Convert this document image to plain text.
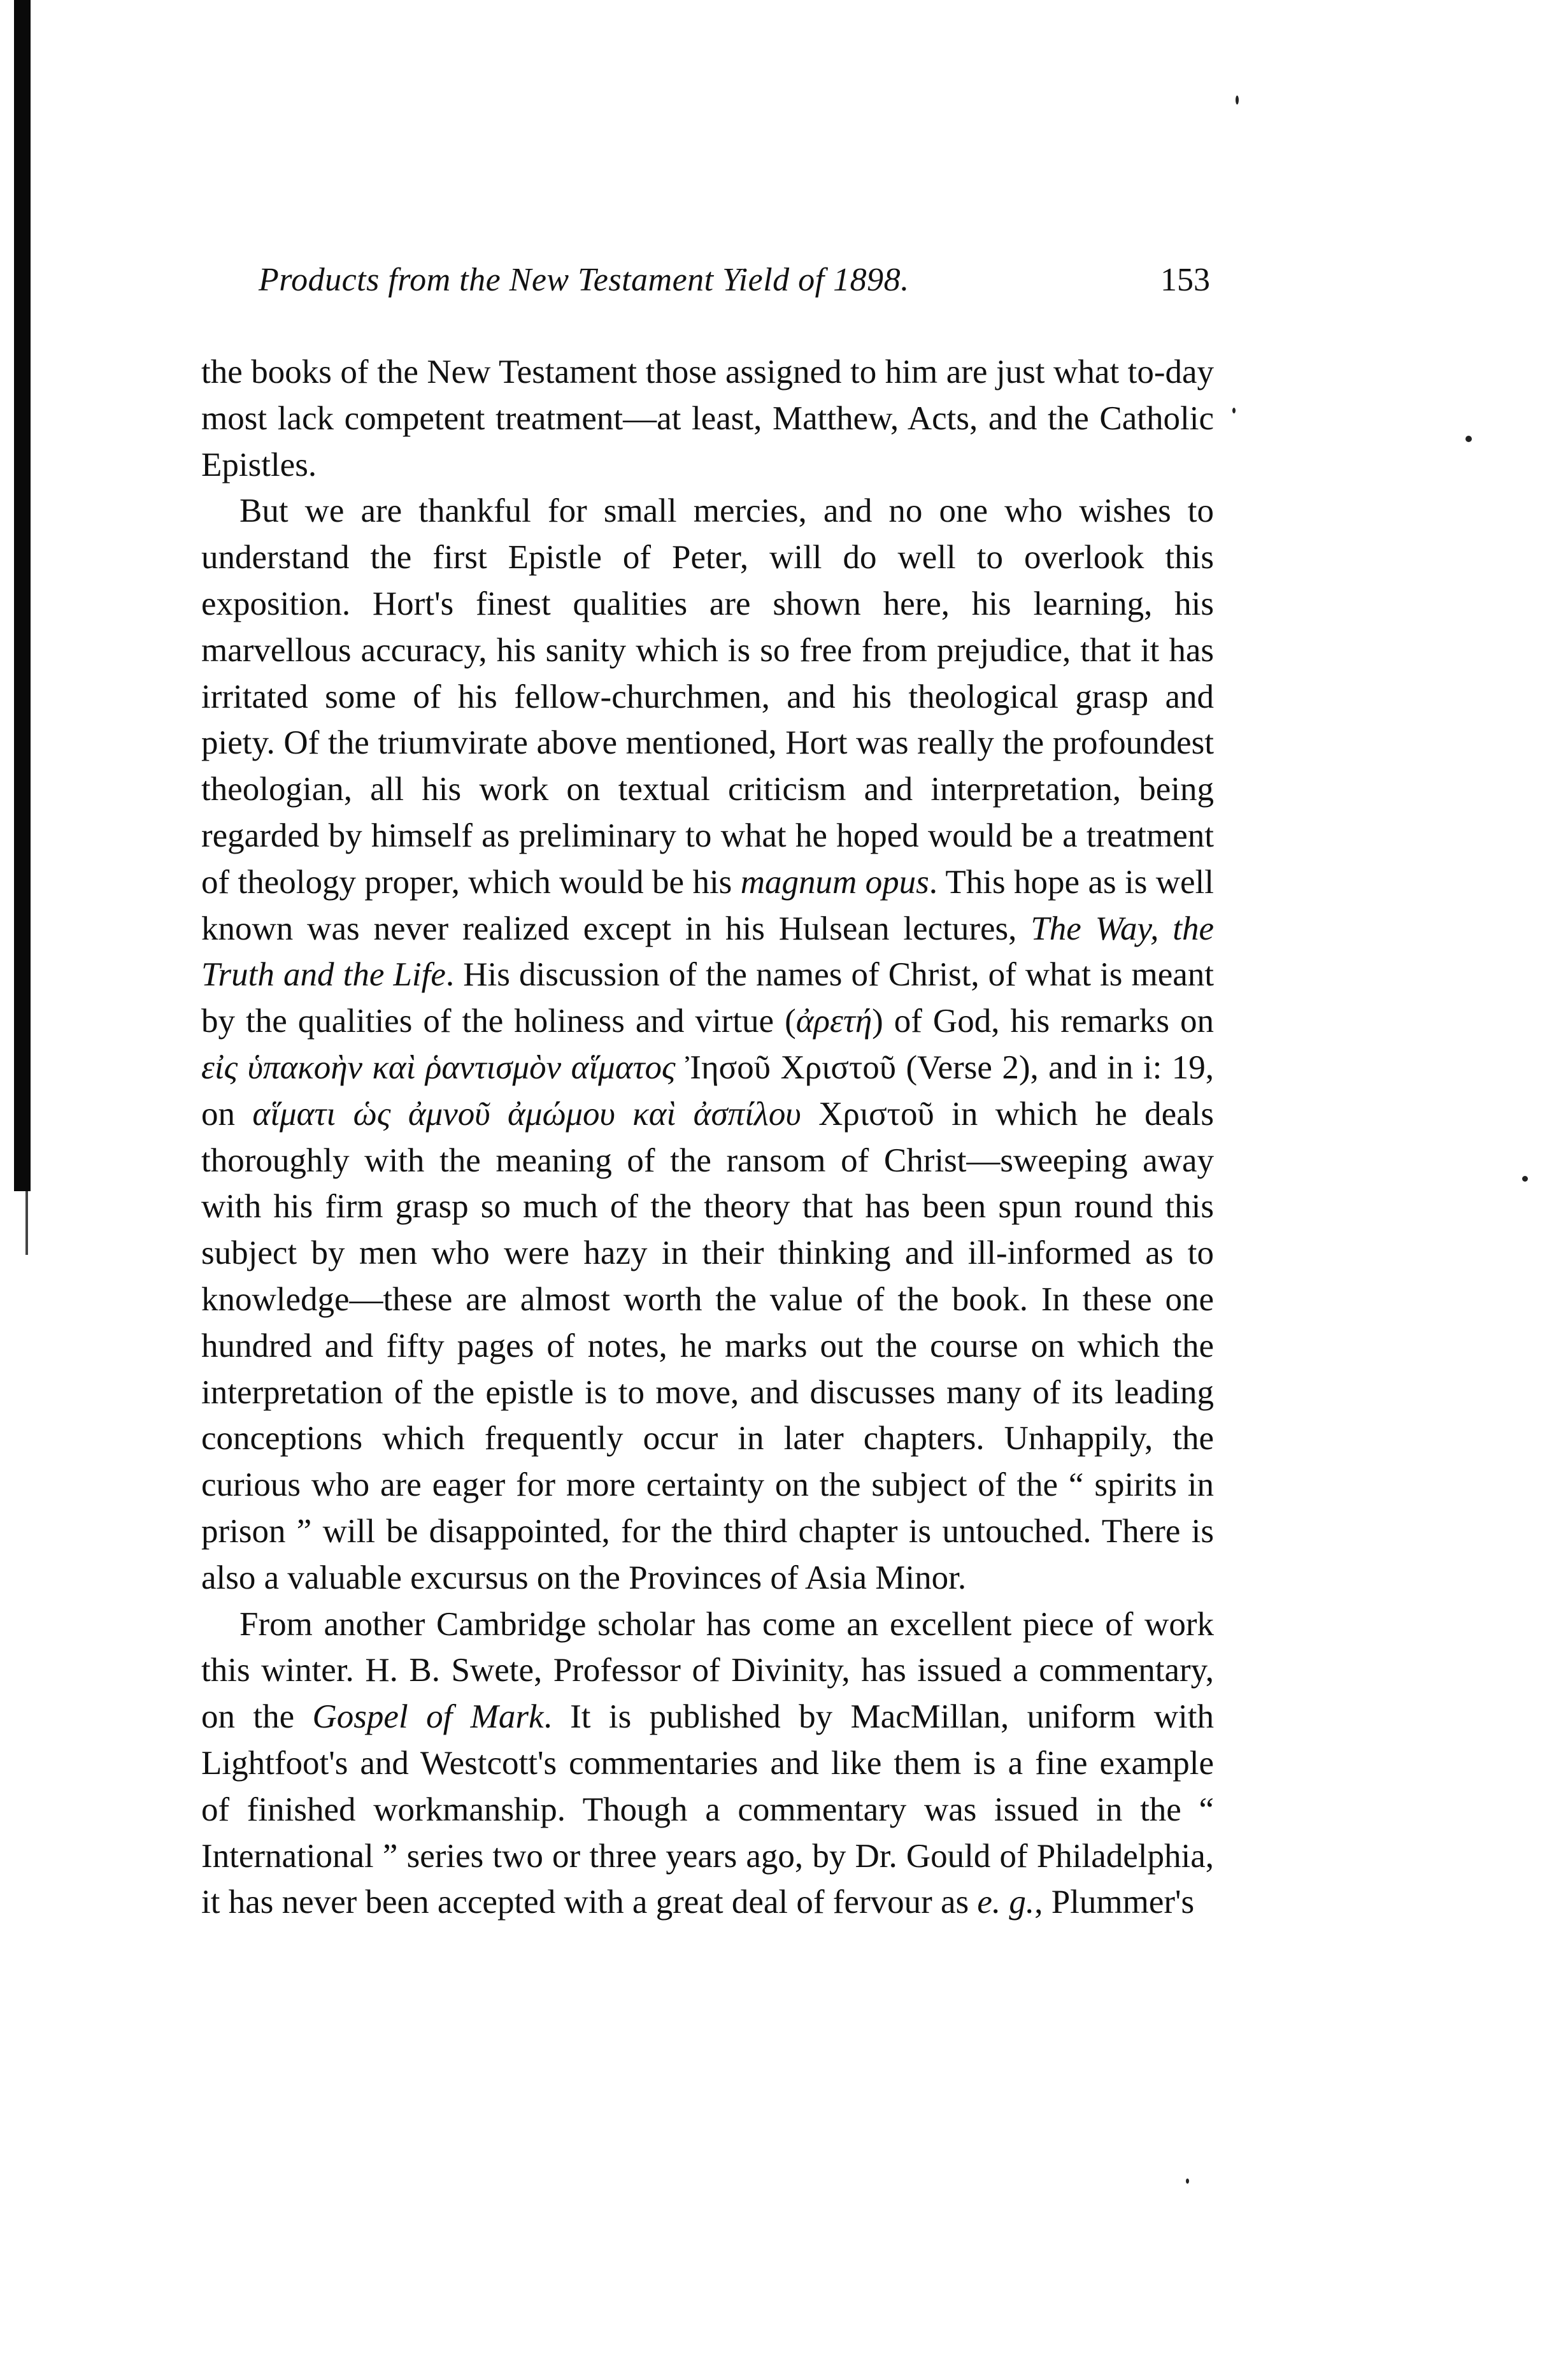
Products from the New Testament Yield of 1898.	153

the books of the New Testament those assigned to him are just what to-day most lack competent treatment—at least, Matthew, Acts, and the Catholic Epistles.

But we are thankful for small mercies, and no one who wishes to understand the first Epistle of Peter, will do well to overlook this exposition. Hort's finest qualities are shown here, his learning, his marvellous accuracy, his sanity which is so free from prejudice, that it has irritated some of his fellow-churchmen, and his theological grasp and piety. Of the triumvirate above mentioned, Hort was really the profoundest theologian, all his work on textual criticism and interpretation, being regarded by himself as preliminary to what he hoped would be a treatment of theology proper, which would be his magnum opus. This hope as is well known was never realized except in his Hulsean lectures, The Way, the Truth and the Life. His discussion of the names of Christ, of what is meant by the qualities of the holiness and virtue (ἀρετή) of God, his remarks on εἰς ὑπακοὴν καὶ ῥαντισμὸν αἵματος Ἰησοῦ Χριστοῦ (Verse 2), and in i: 19, on αἵματι ὡς ἀμνοῦ ἀμώμου καὶ ἀσπίλου Χριστοῦ in which he deals thoroughly with the meaning of the ransom of Christ—sweeping away with his firm grasp so much of the theory that has been spun round this subject by men who were hazy in their thinking and ill-informed as to knowledge—these are almost worth the value of the book. In these one hundred and fifty pages of notes, he marks out the course on which the interpretation of the epistle is to move, and discusses many of its leading conceptions which frequently occur in later chapters. Unhappily, the curious who are eager for more certainty on the subject of the “ spirits in prison ” will be disappointed, for the third chapter is untouched. There is also a valuable excursus on the Provinces of Asia Minor.

From another Cambridge scholar has come an excellent piece of work this winter. H. B. Swete, Professor of Divinity, has issued a commentary, on the Gospel of Mark. It is published by MacMillan, uniform with Lightfoot's and Westcott's commentaries and like them is a fine example of finished workmanship. Though a commentary was issued in the “ International ” series two or three years ago, by Dr. Gould of Philadelphia, it has never been accepted with a great deal of fervour as e. g., Plummer's
